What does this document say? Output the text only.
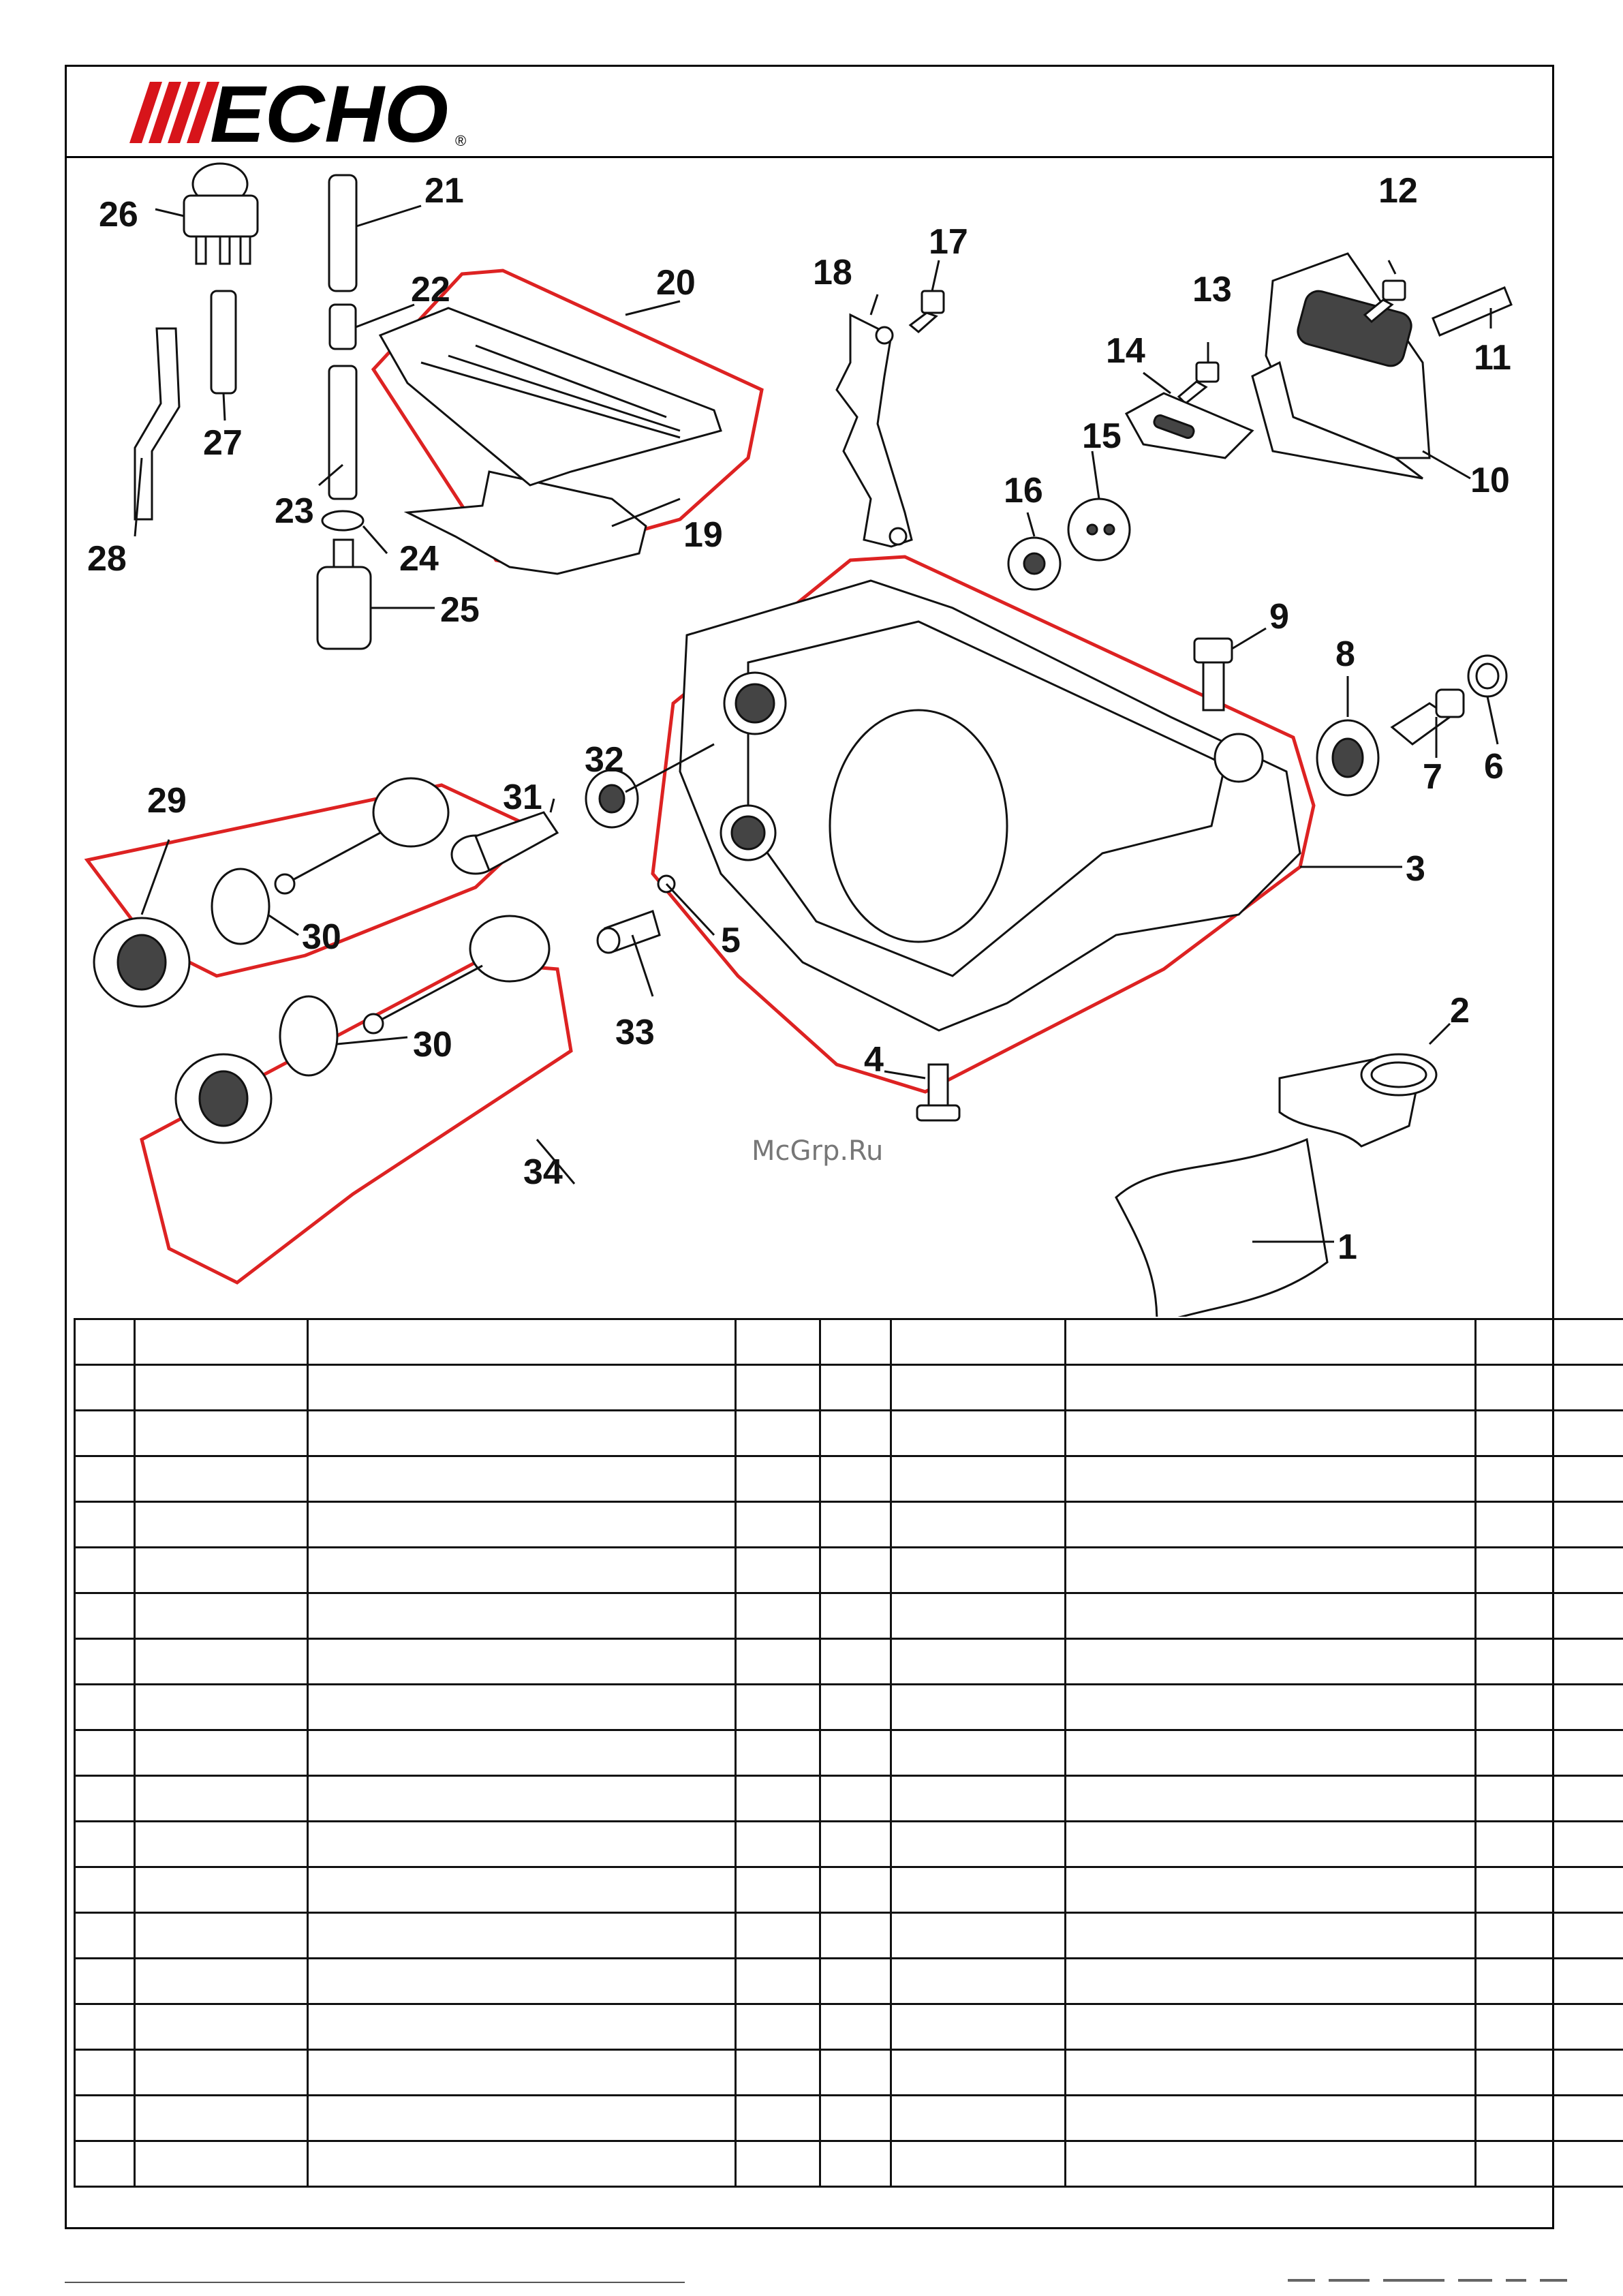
ECHO ®
1
2
3
4
5
6
7
8
9
10
11
12
13
14
15
16
17
18
19
20
21
22
23
24
25
26
27
28
29
30
31
32
33
30
34
McGrp.Ru
